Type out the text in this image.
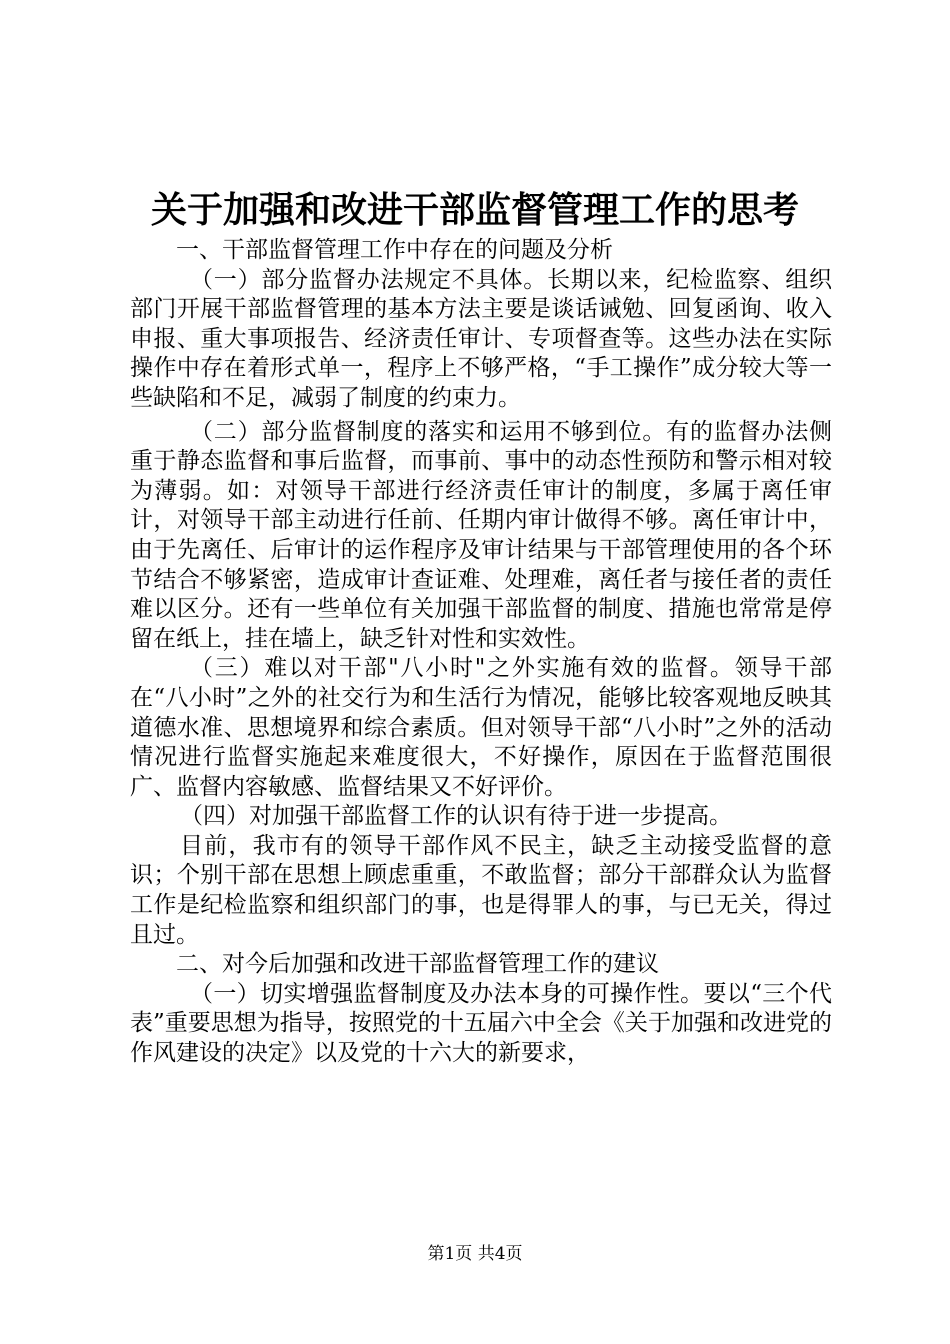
关于加强和改进干部监督管理工作的思考

一、干部监督管理工作中存在的问题及分析

（一）部分监督办法规定不具体。长期以来，纪检监察、组织部门开展干部监督管理的基本方法主要是谈话诫勉、回复函询、收入申报、重大事项报告、经济责任审计、专项督查等。这些办法在实际操作中存在着形式单一，程序上不够严格，“手工操作”成分较大等一些缺陷和不足，减弱了制度的约束力。

（二）部分监督制度的落实和运用不够到位。有的监督办法侧重于静态监督和事后监督，而事前、事中的动态性预防和警示相对较为薄弱。如：对领导干部进行经济责任审计的制度，多属于离任审计，对领导干部主动进行任前、任期内审计做得不够。离任审计中，由于先离任、后审计的运作程序及审计结果与干部管理使用的各个环节结合不够紧密，造成审计查证难、处理难，离任者与接任者的责任难以区分。还有一些单位有关加强干部监督的制度、措施也常常是停留在纸上，挂在墙上，缺乏针对性和实效性。

（三）难以对干部"八小时"之外实施有效的监督。领导干部在“八小时”之外的社交行为和生活行为情况，能够比较客观地反映其道德水准、思想境界和综合素质。但对领导干部“八小时”之外的活动情况进行监督实施起来难度很大，不好操作，原因在于监督范围很广、监督内容敏感、监督结果又不好评价。

（四）对加强干部监督工作的认识有待于进一步提高。

目前，我市有的领导干部作风不民主，缺乏主动接受监督的意识；个别干部在思想上顾虑重重，不敢监督；部分干部群众认为监督工作是纪检监察和组织部门的事，也是得罪人的事，与已无关，得过且过。

二、对今后加强和改进干部监督管理工作的建议

（一）切实增强监督制度及办法本身的可操作性。要以“三个代表”重要思想为指导，按照党的十五届六中全会《关于加强和改进党的作风建设的决定》以及党的十六大的新要求，

第1页 共4页
